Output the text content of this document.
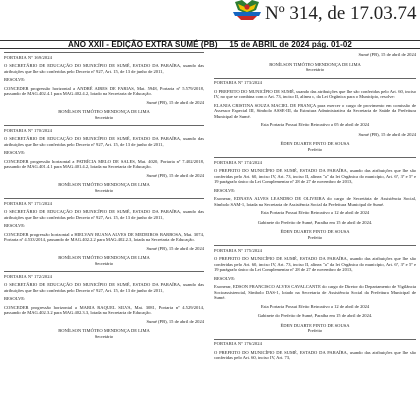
Nº 314, de 17.03.74
ANO XXII - EDIÇÃO EXTRA SUMÉ (PB) 15 de ABRIL de 2024 pág. 01-02
PORTARIA Nº 169/2024
O SECRETÁRIO DE EDUCAÇÃO DO MUNICÍPIO DE SUMÉ, ESTADO DA PARAÍBA, usando das atribuições que lhe são conferidas pelo Decreto nº 927, Art. 15, de 13 de junho de 2011,
RESOLVE:
CONCEDER progressão horizontal a ANDRÉ AIRES DE FARIAS, Mat. 5948, Portaria nº 5.579/2018, passando de MAG.402.4.1 para MAG.402.4.2, lotado na Secretaria de Educação.
Sumé (PB), 15 de abril de 2024
BONÍLSON TIMÓTEO MENDONÇA DE LIMA
Secretário
PORTARIA Nº 170/2024
O SECRETÁRIO DE EDUCAÇÃO DO MUNICÍPIO DE SUMÉ, ESTADO DA PARAÍBA, usando das atribuições que lhe são conferidas pelo Decreto nº 927, Art. 15, de 13 de junho de 2011,
RESOLVE:
CONCEDER progressão horizontal a PATRÍCIA MELO DE SALES, Mat. 4020, Portaria nº 7.402/2018, passando de MAG.401.4.1 para MAG.401.4.2, lotada na Secretaria de Educação.
Sumé (PB), 15 de abril de 2024
BONÍLSON TIMÓTEO MENDONÇA DE LIMA
Secretário
PORTARIA Nº 171/2024
O SECRETÁRIO DE EDUCAÇÃO DO MUNICÍPIO DE SUMÉ, ESTADO DA PARAÍBA, usando das atribuições que lhe são conferidas pelo Decreto nº 927, Art. 15, de 13 de junho de 2011,
RESOLVE:
CONCEDER progressão horizontal a HIELVAN BUANA ALVES DE MEDEIROS BARBOSA, Mat. 3074, Portaria nº 4.533/2014, passando de MAG.402.2.2 para MAG.402.2.3, lotada na Secretaria de Educação.
Sumé (PB), 15 de abril de 2024
BONÍLSON TIMÓTEO MENDONÇA DE LIMA
Secretário
PORTARIA Nº 172/2024
O SECRETÁRIO DE EDUCAÇÃO DO MUNICÍPIO DE SUMÉ, ESTADO DA PARAÍBA, usando das atribuições que lhe são conferidas pelo Decreto nº 927, Art. 15, de 13 de junho de 2011,
RESOLVE:
CONCEDER progressão horizontal a MARIA RAQUEL SILVA, Mat. 3081, Portaria nº 4.529/2014, passando de MAG.402.3.2 para MAG.402.3.3, lotada na Secretaria de Educação.
Sumé (PB), 15 de abril de 2024
BONÍLSON TIMÓTEO MENDONÇA DE LIMA
Secretário
Sumé (PB), 15 de abril de 2024
BONÍLSON TIMÓTEO MENDONÇA DE LIMA
Secretário
PORTARIA Nº 173/2024
O PREFEITO DO MUNICÍPIO DE SUMÉ, usando das atribuições que lhe são conferidas pelo Art. 60, inciso IV, no que se combina com o Art. 73, inciso II, alínea c, da Lei Orgânica para o Município, resolve:
ELANIA CRISTINA SOUZA MACIEL DE FRANÇA para exercer o cargo de provimento em comissão de Assessor Especial III, Símbolo ASSE-III, da Estrutura Administrativa da Secretaria de Saúde da Prefeitura Municipal de Sumé.
Esta Portaria Possui Efeito Retroativo a 05 de abril de 2024
Sumé (PB), 15 de abril de 2024
ÉDEN DUARTE PINTO DE SOUSA
Prefeito
PORTARIA Nº 174/2024
O PREFEITO DO MUNICÍPIO DE SUMÉ, ESTADO DA PARAÍBA, usando das atribuições que lhe são conferidas pelo Art. 60, inciso IV, Art. 73, inciso II, alínea "a" da lei Orgânica do município, Art. 6º, 3º e 5º e 19 parágrafo único da Lei Complementar nº 28 de 27 de novembro de 2013,
RESOLVE:
Exonerar, EDNAYA ALVES LEANDRO DE OLIVEIRA do cargo de Secretária de Assistência Social, Símbolo SAM-1, lotada na Secretaria de Assistência Social da Prefeitura Municipal de Sumé.
Esta Portaria Possui Efeito Retroativo a 12 de abril de 2024
Gabinete do Prefeito de Sumé, Paraíba em 15 de abril de 2024.
ÉDEN DUARTE PINTO DE SOUSA
Prefeito
PORTARIA Nº 175/2024
O PREFEITO DO MUNICÍPIO DE SUMÉ, ESTADO DA PARAÍBA, usando das atribuições que lhe são conferidas pelo Art. 60, inciso IV, Art. 73, inciso II, alínea "a" da lei Orgânica do município, Art. 6º, 3º e 5º e 19 parágrafo único da Lei Complementar nº 28 de 27 de novembro de 2013,
RESOLVE:
Exonerar, EDSON FRANCISCO ALVES CAVALCANTE do cargo de Diretor do Departamento de Vigilância Socioassistencial, Símbolo DAS-1, lotado na Secretaria de Assistência Social da Prefeitura Municipal de Sumé.
Esta Portaria Possui Efeito Retroativo a 12 de abril de 2024
Gabinete do Prefeito de Sumé, Paraíba em 15 de abril de 2024.
ÉDEN DUARTE PINTO DE SOUSA
Prefeito
PORTARIA Nº 176/2024
O PREFEITO DO MUNICÍPIO DE SUMÉ, ESTADO DA PARAÍBA, usando das atribuições que lhe são conferidas pelo Art. 60, inciso IV, Art. 73,
